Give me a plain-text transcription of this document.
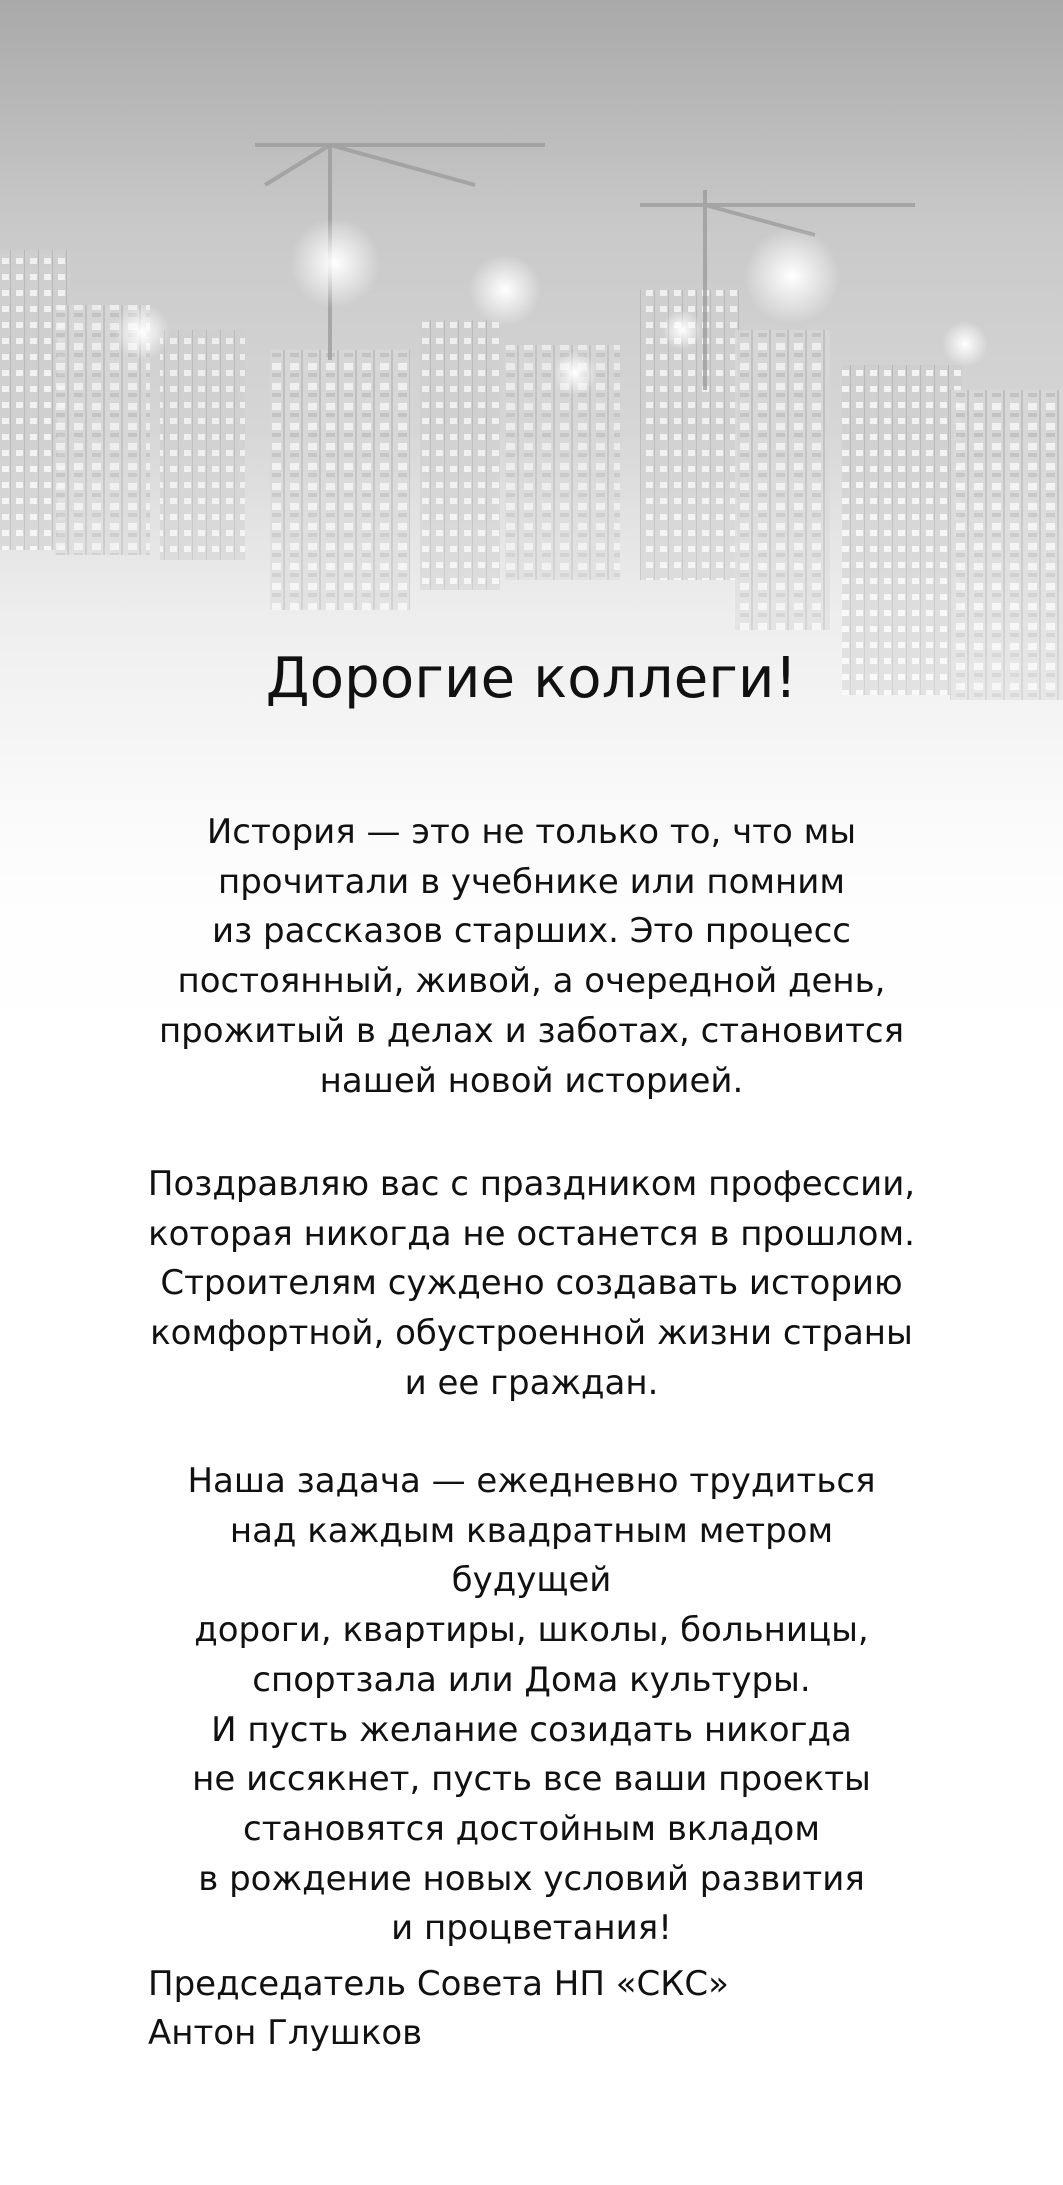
Дорогие коллеги!
История — это не только то, что мы
прочитали в учебнике или помним
из рассказов старших. Это процесс
постоянный, живой, а очередной день,
прожитый в делах и заботах, становится
нашей новой историей.
Поздравляю вас с праздником профессии,
которая никогда не останется в прошлом.
Строителям суждено создавать историю
комфортной, обустроенной жизни страны
и ее граждан.
Наша задача — ежедневно трудиться
над каждым квадратным метром будущей
дороги, квартиры, школы, больницы,
спортзала или Дома культуры.
И пусть желание созидать никогда
не иссякнет, пусть все ваши проекты
становятся достойным вкладом
в рождение новых условий развития
и процветания!
Председатель Совета НП «СКС»
Антон Глушков
